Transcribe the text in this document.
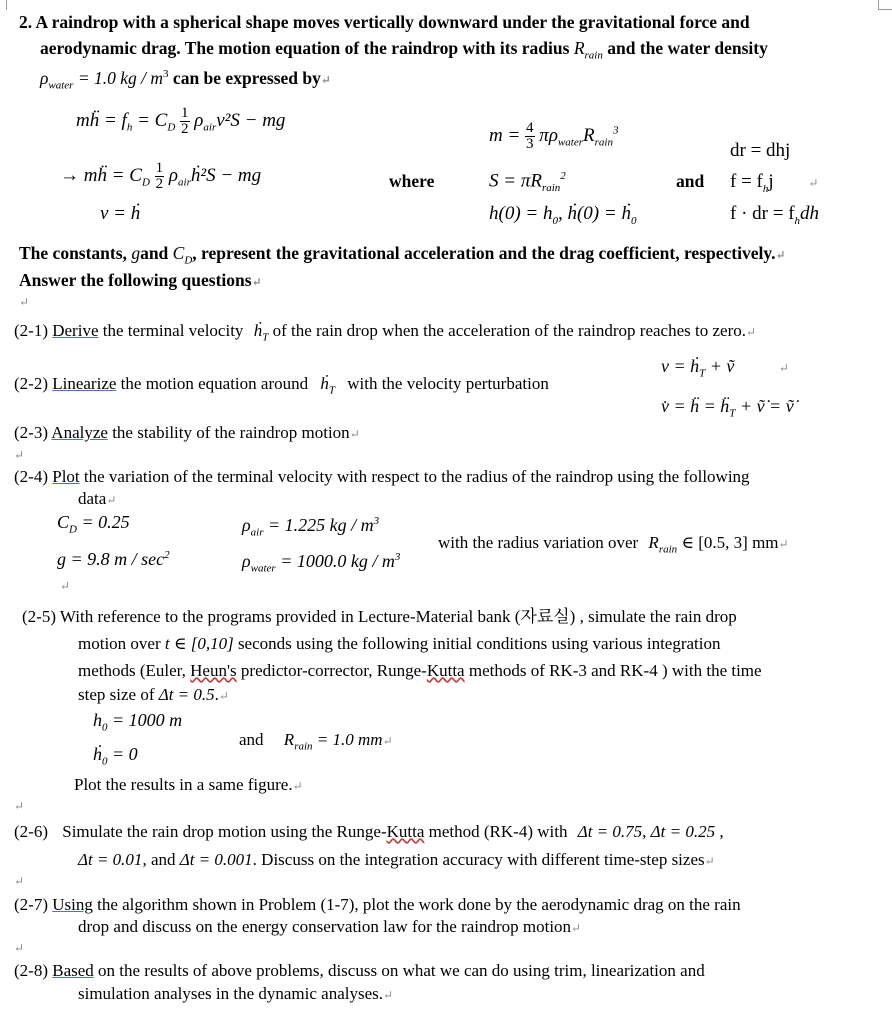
2. A raindrop with a spherical shape moves vertically downward under the gravitational force and
aerodynamic drag. The motion equation of the raindrop with its radius $R_{rain}$ and the water density
$\rho_{water} = 1.0$ kg / $m^3$ can be expressed by↵
mḧ = $f_h = C_D \frac{1}{2} \rho_{air}v^2S$ − mg
→ mḧ = $C_D \frac{1}{2}$ $\rho_{air}ḣ^2S$ − mg
v = ḣ
where
$m = \frac{4}{3} \pi\rho_{water}R_{rain}^3$
$S = \pi R_{rain}^2$
$h(0) = h_0$, ḣ(0) = ḣ$_0$
and
dr = dhj
$f = f_hj$	↵
f · dr = $f_hdh$
The constants, gand $C_D$, represent the gravitational acceleration and the drag coefficient, respectively.↵
Answer the following questions↵
↵
(2-1) Derive the terminal velocity ḣ$_T$ of the rain drop when the acceleration of the raindrop reaches to zero.↵
(2-2) Linearize the motion equation around ḣ$_T$ with the velocity perturbation
v = ḣ$_T$ + ṽ	↵
v̇ = ḧ = ḧ$_T$ + ṽ̇ = ṽ̇
(2-3) Analyze the stability of the raindrop motion↵
↵
(2-4) Plot the variation of the terminal velocity with respect to the radius of the raindrop using the following
data↵
$C_D = 0.25$
g = 9.8 m / $\sec^2$
$\rho_{air} = 1.225$ kg / $m^3$
$\rho_{water} = 1000.0$ kg / $m^3$
with the radius variation over $R_{rain}$ ∈ [0.5, 3] mm↵
↵
(2-5) With reference to the programs provided in Lecture-Material bank (자료실) , simulate the rain drop
motion over t ∈ [0,10] seconds using the following initial conditions using various integration
methods (Euler, Heun's predictor-corrector, Runge-Kutta methods of RK-3 and RK-4 ) with the time
step size of Δt = 0.5.↵
$h_0 = 1000$ m
and $R_{rain} = 1.0$ mm↵
ḣ$_0$ = 0
Plot the results in a same figure.↵
↵
(2-6) Simulate the rain drop motion using the Runge-Kutta method (RK-4) with Δt = 0.75, Δt = 0.25 ,
Δt = 0.01, and Δt = 0.001. Discuss on the integration accuracy with different time-step sizes↵
↵
(2-7) Using the algorithm shown in Problem (1-7), plot the work done by the aerodynamic drag on the rain
drop and discuss on the energy conservation law for the raindrop motion↵
↵
(2-8) Based on the results of above problems, discuss on what we can do using trim, linearization and
simulation analyses in the dynamic analyses.↵
